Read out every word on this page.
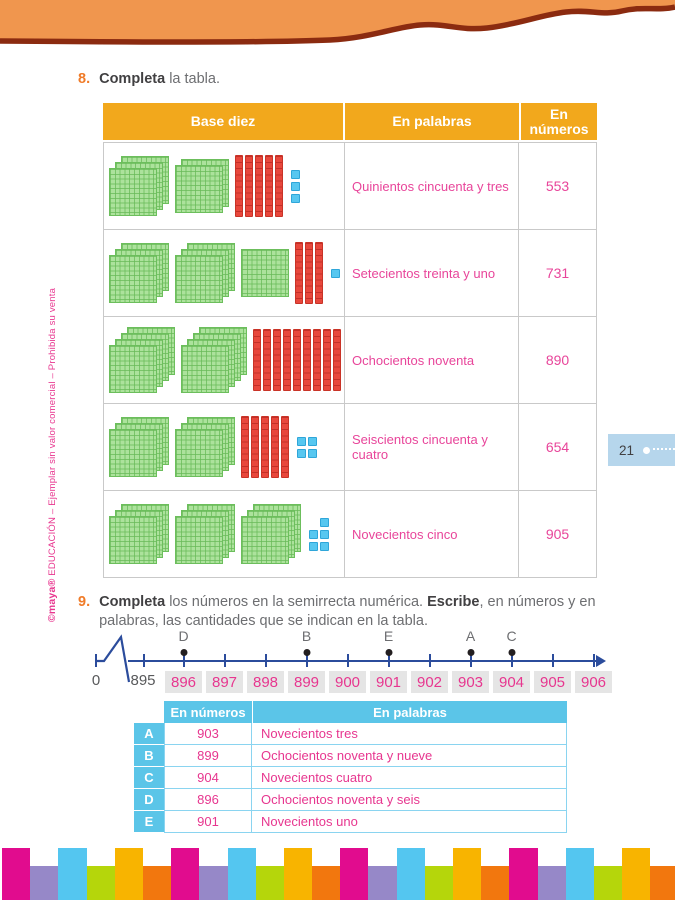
©maya® EDUCACIÓN – Ejemplar sin valor comercial – Prohibida su venta	21
8. Completa la tabla.
Base diez	En palabras	En números
Quinientos cincuenta y tres	553
Setecientos treinta y uno	731
Ochocientos noventa	890
Seiscientos cincuenta y cuatro	654
Novecientos cinco	905
9. Completa los números en la semirrecta numérica. Escribe, en números y en palabras, las cantidades que se indican en la tabla.
0 895	896	897	898	899	900	901	902	903	904	905	906
D	B	E	A C
En números	En palabras
A	903	Novecientos tres
B	899	Ochocientos noventa y nueve
C	904	Novecientos cuatro
D	896	Ochocientos noventa y seis
E	901	Novecientos uno
